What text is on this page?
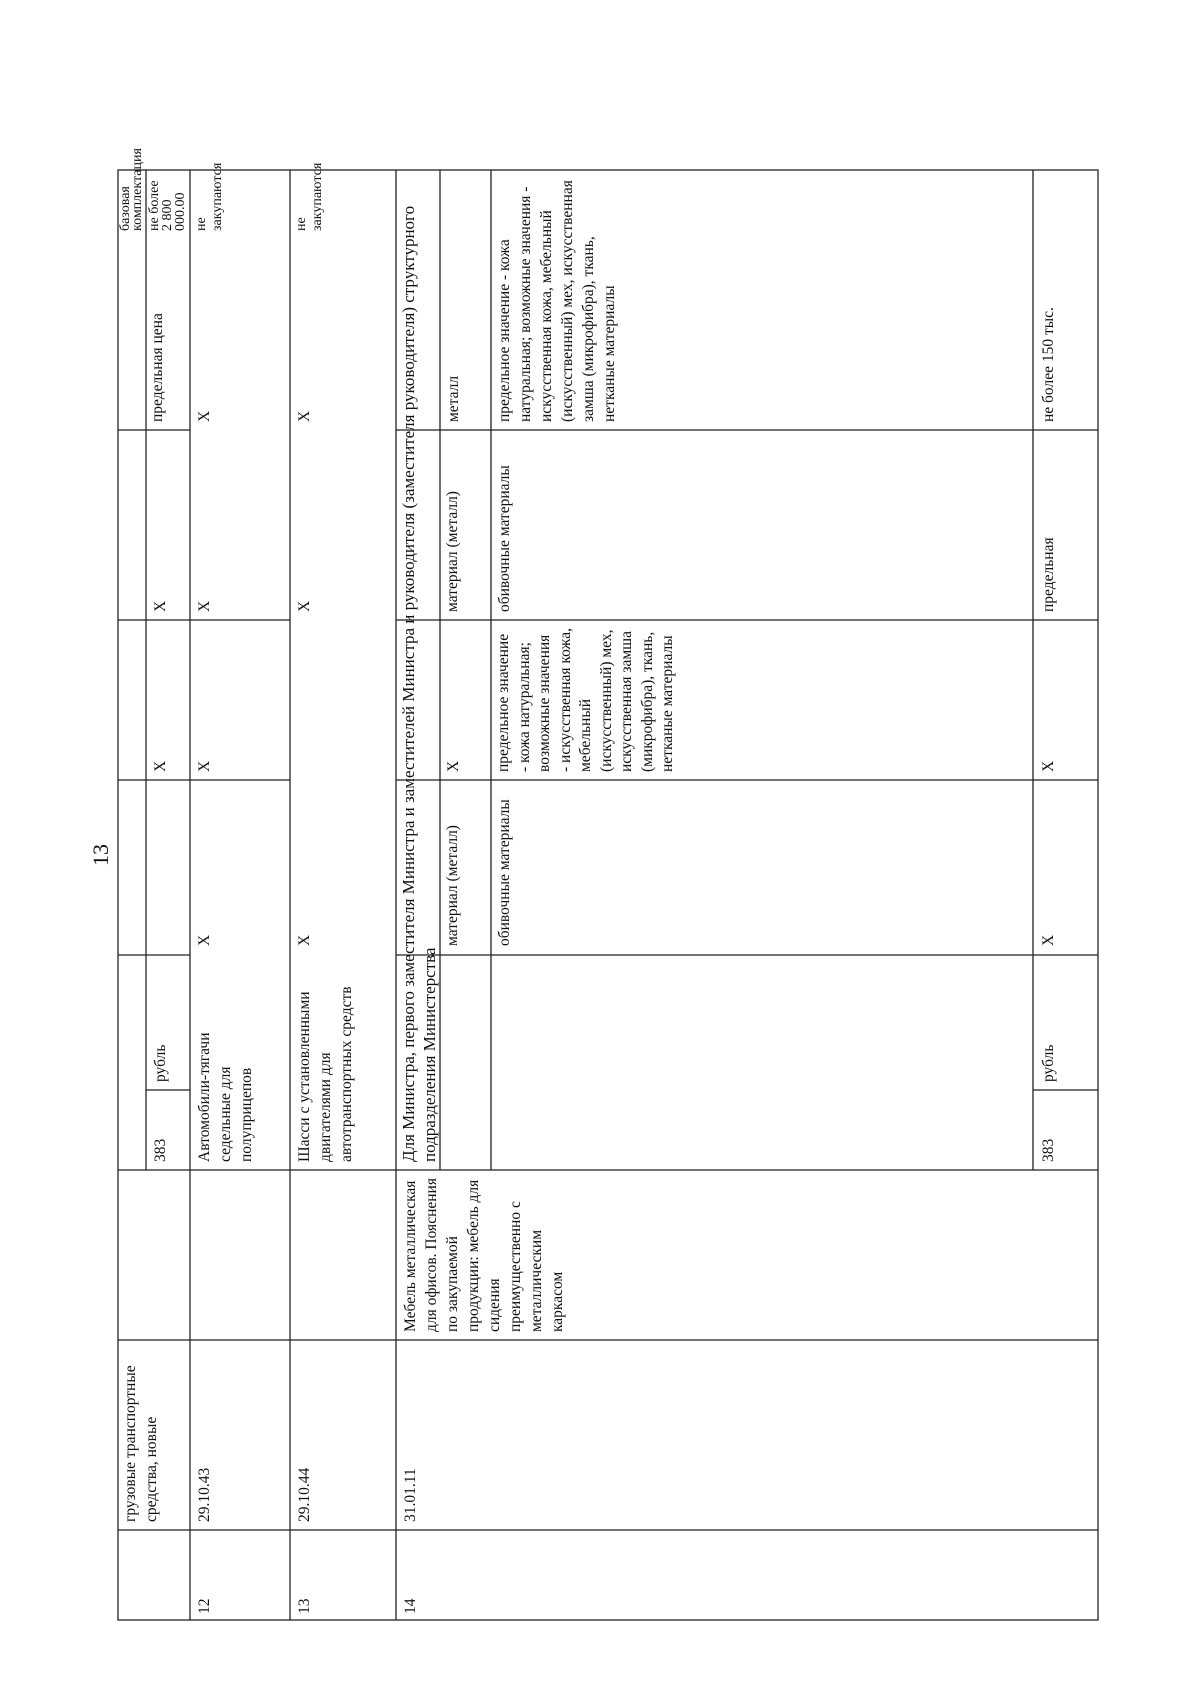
13
грузовые транспортные средства, новые
383
рубль
X
X
предельная цена
базовая комплектация не более 2 800 000.00
12
29.10.43
Автомобили-тягачи седельные для полуприцепов
X
X
X
X
не закупаются
13
29.10.44
Шасси с установленными двигателями для автотранспортных средств
X
X
X
не закупаются
14
31.01.11
Мебель металлическая для офисов. Пояснения по закупаемой продукции: мебель для сидения преимущественно с металлическим каркасом
Для Министра, первого заместителя Министра и заместителей Министра и руководителя (заместителя руководителя) структурного подразделения Министерства
материал (металл)
X
материал (металл)
металл
обивочные материалы
предельное значение - кожа натуральная; возможные значения - искусственная кожа, мебельный (искусственный) мех, искусственная замша (микрофибра), ткань, нетканые материалы
обивочные материалы
предельное значение - кожа натуральная; возможные значения - искусственная кожа, мебельный (искусственный) мех, искусственная замша (микрофибра), ткань, нетканые материалы
383
рубль
X
X
предельная
не более 150 тыс.
